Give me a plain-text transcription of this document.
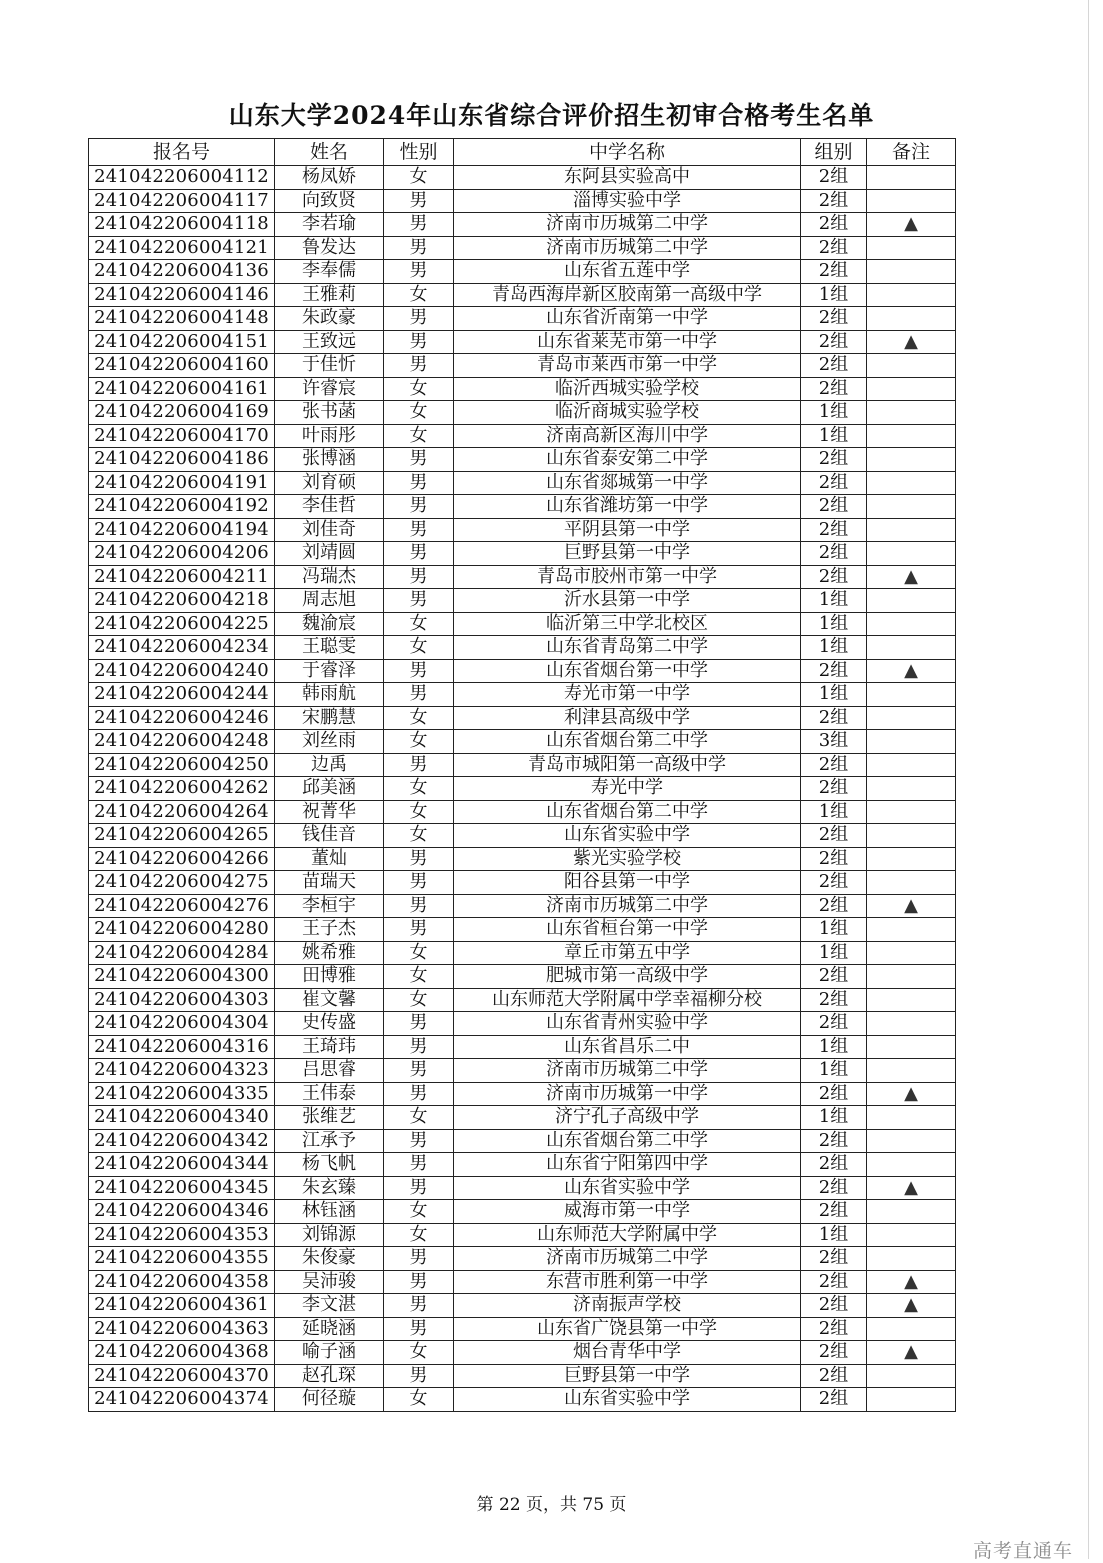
山东大学2024年山东省综合评价招生初审合格考生名单
报名号	姓名	性别	中学名称	组别	备注
241042206004112	杨凤娇	女	东阿县实验高中	2组	
241042206004117	向致贤	男	淄博实验中学	2组	
241042206004118	李若瑜	男	济南市历城第二中学	2组	▲
241042206004121	鲁发达	男	济南市历城第二中学	2组	
241042206004136	李奉儒	男	山东省五莲中学	2组	
241042206004146	王雅莉	女	青岛西海岸新区胶南第一高级中学	1组	
241042206004148	朱政豪	男	山东省沂南第一中学	2组	
241042206004151	王致远	男	山东省莱芜市第一中学	2组	▲
241042206004160	于佳忻	男	青岛市莱西市第一中学	2组	
241042206004161	许睿宸	女	临沂西城实验学校	2组	
241042206004169	张书菡	女	临沂商城实验学校	1组	
241042206004170	叶雨彤	女	济南高新区海川中学	1组	
241042206004186	张博涵	男	山东省泰安第二中学	2组	
241042206004191	刘育硕	男	山东省郯城第一中学	2组	
241042206004192	李佳哲	男	山东省潍坊第一中学	2组	
241042206004194	刘佳奇	男	平阴县第一中学	2组	
241042206004206	刘靖圆	男	巨野县第一中学	2组	
241042206004211	冯瑞杰	男	青岛市胶州市第一中学	2组	▲
241042206004218	周志旭	男	沂水县第一中学	1组	
241042206004225	魏渝宸	女	临沂第三中学北校区	1组	
241042206004234	王聪雯	女	山东省青岛第二中学	1组	
241042206004240	于睿泽	男	山东省烟台第一中学	2组	▲
241042206004244	韩雨航	男	寿光市第一中学	1组	
241042206004246	宋鹏慧	女	利津县高级中学	2组	
241042206004248	刘丝雨	女	山东省烟台第二中学	3组	
241042206004250	边禹	男	青岛市城阳第一高级中学	2组	
241042206004262	邱美涵	女	寿光中学	2组	
241042206004264	祝菁华	女	山东省烟台第二中学	1组	
241042206004265	钱佳音	女	山东省实验中学	2组	
241042206004266	董灿	男	紫光实验学校	2组	
241042206004275	苗瑞天	男	阳谷县第一中学	2组	
241042206004276	李桓宇	男	济南市历城第二中学	2组	▲
241042206004280	王子杰	男	山东省桓台第一中学	1组	
241042206004284	姚希雅	女	章丘市第五中学	1组	
241042206004300	田博雅	女	肥城市第一高级中学	2组	
241042206004303	崔文馨	女	山东师范大学附属中学幸福柳分校	2组	
241042206004304	史传盛	男	山东省青州实验中学	2组	
241042206004316	王琦玮	男	山东省昌乐二中	1组	
241042206004323	吕思睿	男	济南市历城第二中学	1组	
241042206004335	王伟泰	男	济南市历城第一中学	2组	▲
241042206004340	张维艺	女	济宁孔子高级中学	1组	
241042206004342	江承予	男	山东省烟台第二中学	2组	
241042206004344	杨飞帆	男	山东省宁阳第四中学	2组	
241042206004345	朱玄臻	男	山东省实验中学	2组	▲
241042206004346	林钰涵	女	威海市第一中学	2组	
241042206004353	刘锦源	女	山东师范大学附属中学	1组	
241042206004355	朱俊豪	男	济南市历城第二中学	2组	
241042206004358	吴沛骏	男	东营市胜利第一中学	2组	▲
241042206004361	李文湛	男	济南振声学校	2组	▲
241042206004363	延晓涵	男	山东省广饶县第一中学	2组	
241042206004368	喻子涵	女	烟台青华中学	2组	▲
241042206004370	赵孔琛	男	巨野县第一中学	2组	
241042206004374	何径璇	女	山东省实验中学	2组	
第 22 页，共 75 页
高考直通车
